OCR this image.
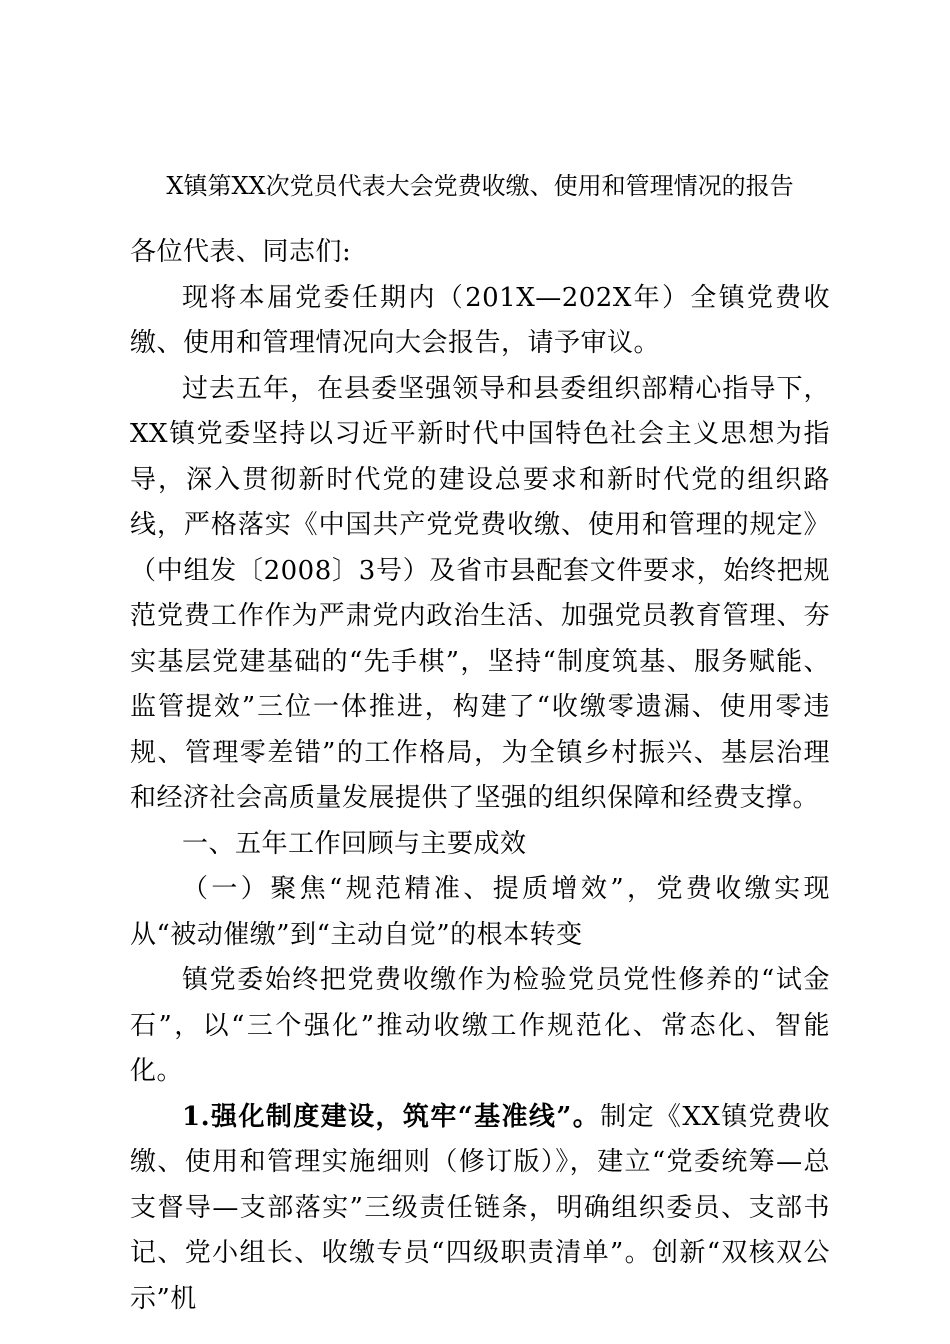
X镇第XX次党员代表大会党费收缴、使用和管理情况的报告

各位代表、同志们:

现将本届党委任期内（201X—202X年）全镇党费收缴、使用和管理情况向大会报告，请予审议。

过去五年，在县委坚强领导和县委组织部精心指导下，XX镇党委坚持以习近平新时代中国特色社会主义思想为指导，深入贯彻新时代党的建设总要求和新时代党的组织路线，严格落实《中国共产党党费收缴、使用和管理的规定》（中组发〔2008〕3号）及省市县配套文件要求，始终把规范党费工作作为严肃党内政治生活、加强党员教育管理、夯实基层党建基础的“先手棋”，坚持“制度筑基、服务赋能、监管提效”三位一体推进，构建了“收缴零遗漏、使用零违规、管理零差错”的工作格局，为全镇乡村振兴、基层治理和经济社会高质量发展提供了坚强的组织保障和经费支撑。

一、五年工作回顾与主要成效

（一）聚焦“规范精准、提质增效”，党费收缴实现从“被动催缴”到“主动自觉”的根本转变

镇党委始终把党费收缴作为检验党员党性修养的“试金石”，以“三个强化”推动收缴工作规范化、常态化、智能化。

1.强化制度建设，筑牢“基准线”。制定《XX镇党费收缴、使用和管理实施细则（修订版）》，建立“党委统筹—总支督导—支部落实”三级责任链条，明确组织委员、支部书记、党小组长、收缴专员“四级职责清单”。创新“双核双公示”机
